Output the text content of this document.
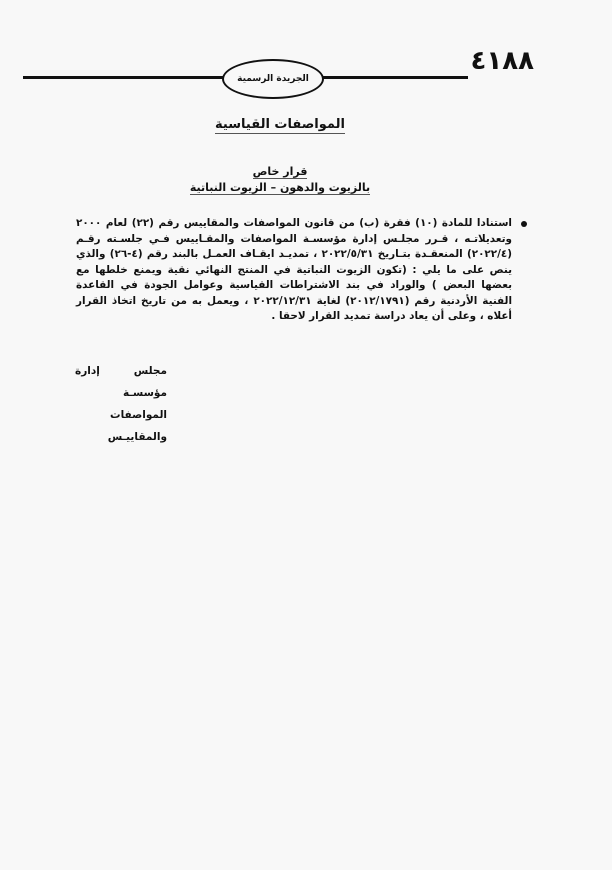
٤١٨٨
الجريدة الرسمية
المواصفات القياسية
قرار خاص
بالزيوت والدهون – الزيوت النباتية
استنادا للمادة (١٠) فقرة (ب) من قانون المواصفات والمقاييس رقم (٢٢) لعام ٢٠٠٠ وتعديلاتـه ، قـرر مجلـس إدارة مؤسسـة المواصفات والمقـاييس فـي جلسـته رقـم (٢٠٢٢/٤) المنعقـدة بتـاريخ ٢٠٢٢/٥/٣١ ، تمديـد ايقـاف العمـل بالبند رقم (٤-٢٦) والذي ينص على ما يلي : (تكون الزيوت النباتية في المنتج النهائي نقية ويمنع خلطها مع بعضها البعض ) والوراد في بند الاشتراطات القياسية وعوامل الجودة في القاعدة الفنية الأردنية رقم (٢٠١٢/١٧٩١) لغاية ٢٠٢٢/١٢/٣١ ، ويعمل به من تاريخ اتخاذ القرار أعلاه ، وعلى أن يعاد دراسة تمديد القرار لاحقا .
مجلس إدارة مؤسسـة
المواصفات والمقاييـس
